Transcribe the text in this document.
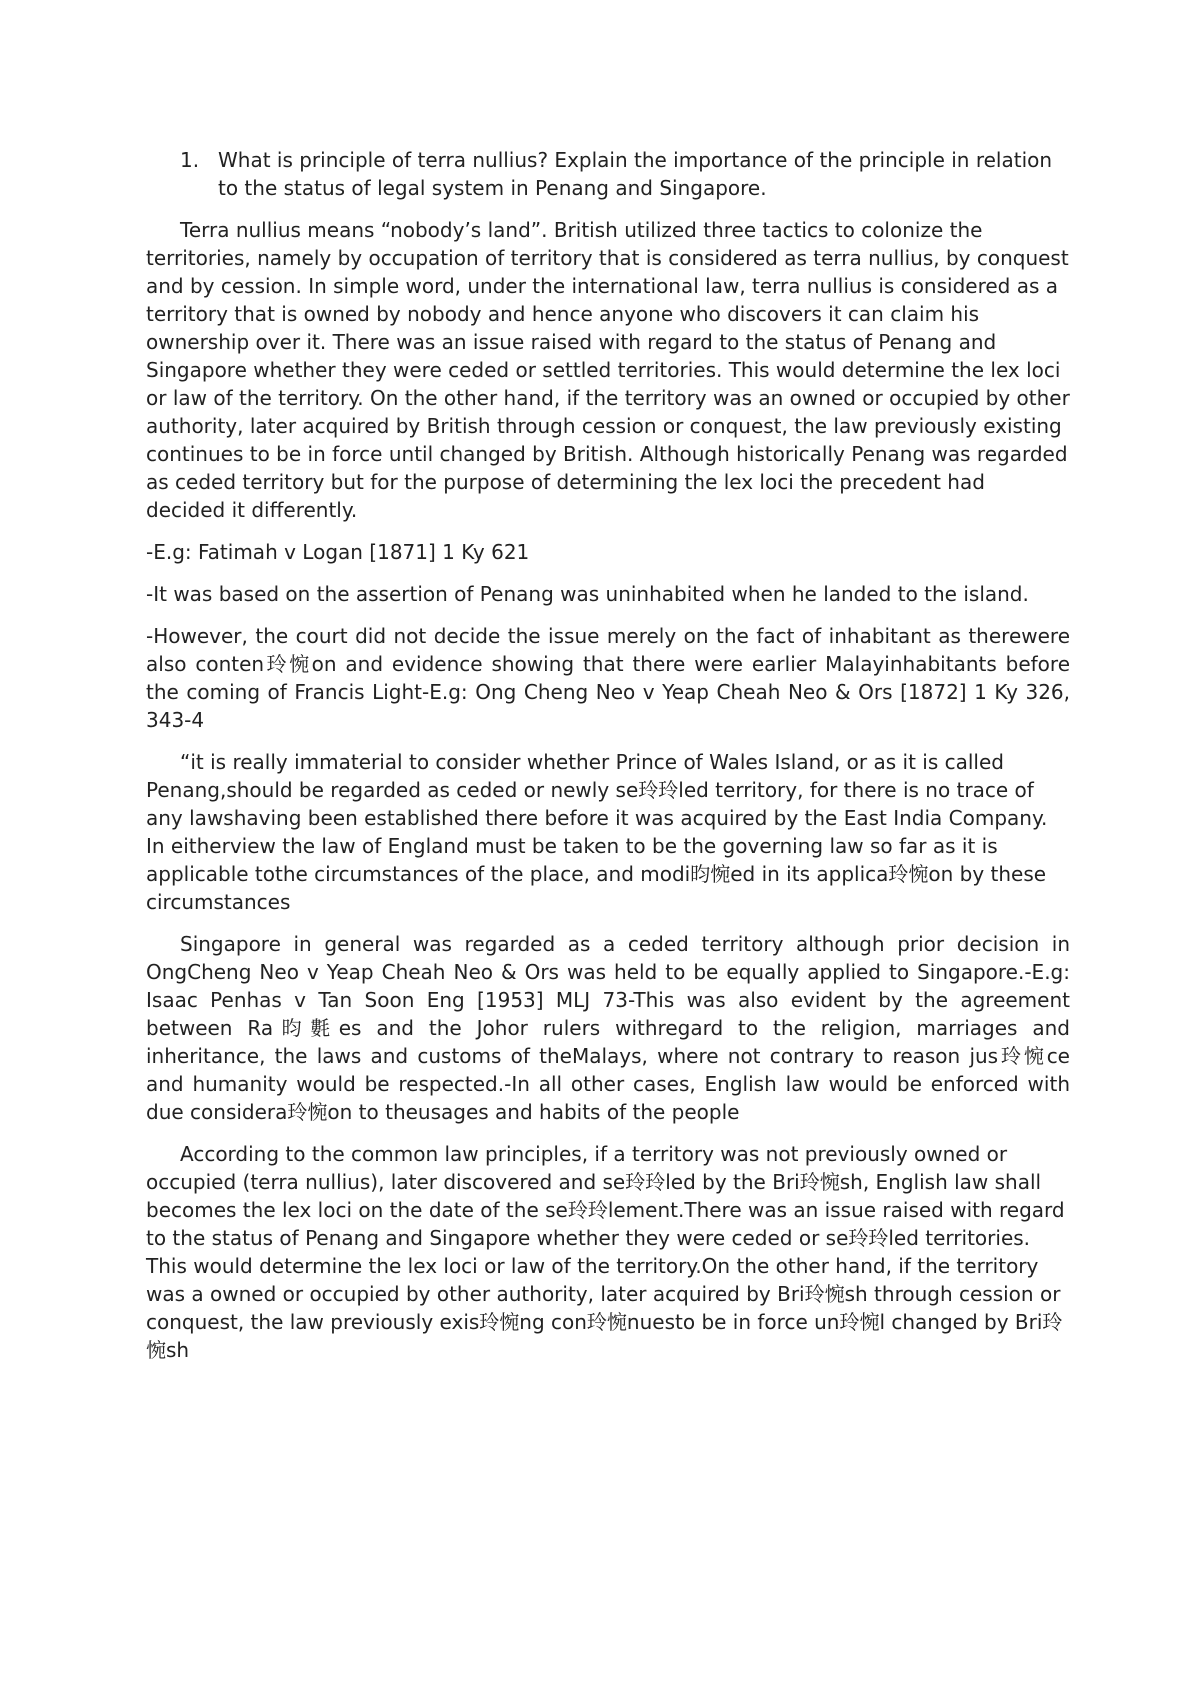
1. What is principle of terra nullius? Explain the importance of the principle in relation to the status of legal system in Penang and Singapore.

Terra nullius means “nobody’s land”. British utilized three tactics to colonize the territories, namely by occupation of territory that is considered as terra nullius, by conquest and by cession. In simple word, under the international law, terra nullius is considered as a territory that is owned by nobody and hence anyone who discovers it can claim his ownership over it. There was an issue raised with regard to the status of Penang and Singapore whether they were ceded or settled territories. This would determine the lex loci or law of the territory. On the other hand, if the territory was an owned or occupied by other authority, later acquired by British through cession or conquest, the law previously existing continues to be in force until changed by British. Although historically Penang was regarded as ceded territory but for the purpose of determining the lex loci the precedent had decided it differently.

-E.g: Fatimah v Logan [1871] 1 Ky 621

-It was based on the assertion of Penang was uninhabited when he landed to the island.

-However, the court did not decide the issue merely on the fact of inhabitant as therewere also conten玲惋on and evidence showing that there were earlier Malayinhabitants before the coming of Francis Light-E.g: Ong Cheng Neo v Yeap Cheah Neo & Ors [1872] 1 Ky 326, 343-4

“it is really immaterial to consider whether Prince of Wales Island, or as it is called Penang,should be regarded as ceded or newly se玲玲led territory, for there is no trace of any lawshaving been established there before it was acquired by the East India Company. In eitherview the law of England must be taken to be the governing law so far as it is applicable tothe circumstances of the place, and modi昀惋ed in its applica玲惋on by these circumstances

Singapore in general was regarded as a ceded territory although prior decision in OngCheng Neo v Yeap Cheah Neo & Ors was held to be equally applied to Singapore.-E.g: Isaac Penhas v Tan Soon Eng [1953] MLJ 73-This was also evident by the agreement between Ra昀氀es and the Johor rulers withregard to the religion, marriages and inheritance, the laws and customs of theMalays, where not contrary to reason jus玲惋ce and humanity would be respected.-In all other cases, English law would be enforced with due considera玲惋on to theusages and habits of the people

According to the common law principles, if a territory was not previously owned or occupied (terra nullius), later discovered and se玲玲led by the Bri玲惋sh, English law shall becomes the lex loci on the date of the se玲玲lement.There was an issue raised with regard to the status of Penang and Singapore whether they were ceded or se玲玲led territories. This would determine the lex loci or law of the territory.On the other hand, if the territory was a owned or occupied by other authority, later acquired by Bri玲惋sh through cession or conquest, the law previously exis玲惋ng con玲惋nuesto be in force un玲惋l changed by Bri玲惋sh
